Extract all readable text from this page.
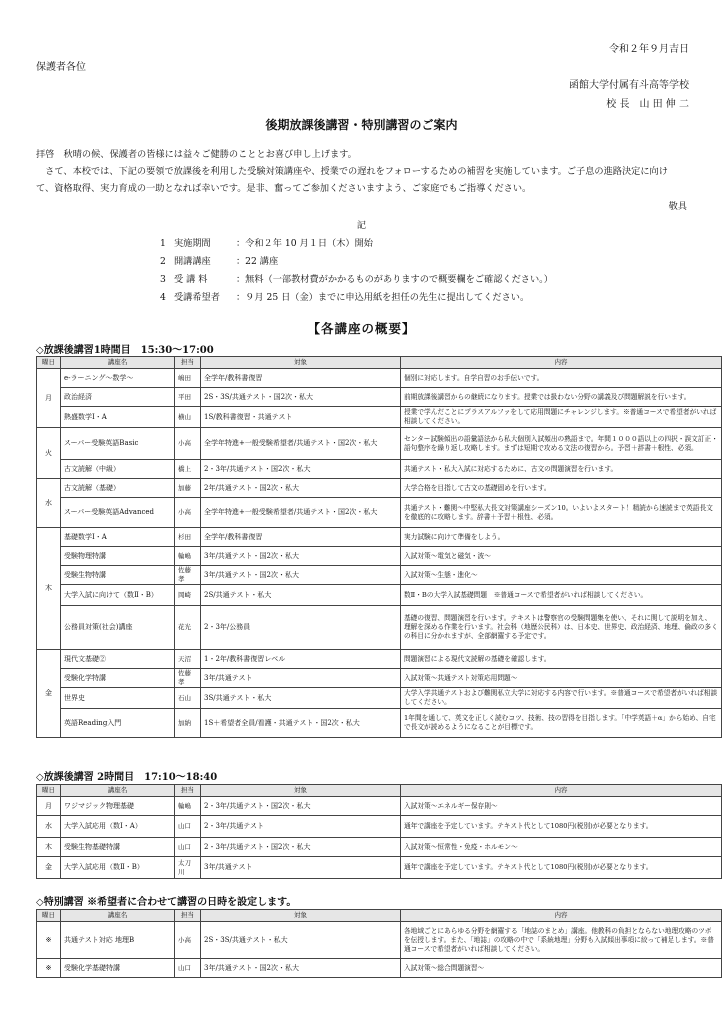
令和２年９月吉日
保護者各位
函館大学付属有斗高等学校
校 長　 山 田 伸 二
後期放課後講習・特別講習のご案内

拝啓　秋晴の候、保護者の皆様には益々ご健勝のこととお喜び申し上げます。

　さて、本校では、下記の要領で放課後を利用した受験対策講座や、授業での遅れをフォローするための補習を実施しています。ご子息の進路決定に向けて、資格取得、実力育成の一助となれば幸いです。是非、奮ってご参加くださいますよう、ご家庭でもご指導ください。

敬具
記
1 実施期間	：令和２年 10 月１日（木）開始
2 開講講座	：22 講座
3 受 講 料	：無料（一部教材費がかかるものがありますので概要欄をご確認ください。）
4 受講希望者	：９月 25 日（金）までに申込用紙を担任の先生に提出してください。
【各講座の概要】
◇放課後講習1時間目　15:30～17:00
曜日	講座名	担当	対象	内容
月	e-ラーニング～数学～	嶋田	全学年/教科書復習	個別に対応します。自学自習のお手伝いです。
	政治経済	平田	2S・3S/共通テスト・国2次・私大	前期放課後講習からの継続になります。授業では扱わない分野の講義及び問題解説を行います。
	熱盛数学Ⅰ・A	横山	1S/教科書復習・共通テスト	授業で学んだことにプラスアルファをして応用問題にチャレンジします。※普通コースで希望者がいれば相談してください。
火	スーパー受験英語Basic	小高	全学年特進+一般受験希望者/共通テスト・国2次・私大	センター試験傾出の語彙語法から私大個別入試頻出の熟語まで。年間１０００語以上の四択・誤文訂正・語句整序を繰り返し攻略します。まずは短期で攻める文法の復習から。予習＋辞書＋根性、必須。
	古文読解（中級）	橋上	2・3年/共通テスト・国2次・私大	共通テスト・私大入試に対応するために、古文の問題演習を行います。
水	古文読解（基礎）	加藤	2年/共通テスト・国2次・私大	大学合格を目指して古文の基礎固めを行います。
	スーパー受験英語Advanced	小高	全学年特進+一般受験希望者/共通テスト・国2次・私大	共通テスト・難関～中堅私大長文対策講座シーズン10。いよいよスタート！精読から速読まで英語長文を徹底的に攻略します。辞書＋予習＋根性、必須。
木	基礎数学Ⅰ・A	杉田	全学年/教科書復習	実力試験に向けて準備をしよう。
	受験物理特講	輪嶋	3年/共通テスト・国2次・私大	入試対策～電気と磁気・波～
	受験生物特講	佐藤孝	3年/共通テスト・国2次・私大	入試対策～生態・進化～
	大学入試に向けて（数Ⅱ・B）	岡崎	2S/共通テスト・私大	数Ⅱ・Bの大学入試基礎問題　※普通コースで希望者がいれば相談してください。
	公務員対策(社会)講座	花光	2・3年/公務員	基礎の復習、問題演習を行います。テキストは警察官の受験問題集を使い、それに関して説明を加え、理解を深める作業を行います。社会科（地歴公民科）は、日本史、世界史、政治経済、地理、倫政の多くの科目に分かれますが、全部網羅する予定です。
金	現代文基礎②	天沼	1・2年/教科書復習レベル	問題演習による現代文読解の基礎を確認します。
	受験化学特講	佐藤孝	3年/共通テスト	入試対策～共通テスト対策応用問題～
	世界史	石山	3S/共通テスト・私大	大学入学共通テストおよび難関私立大学に対応する内容で行います。※普通コースで希望者がいれば相談してください。
	英語Reading入門	加納	1S＋希望者全員/看護・共通テスト・国2次・私大	1年間を通して、英文を正しく読むコツ、技術、技の習得を目指します。「中学英語＋α」から始め、自宅で長文が読めるようになることが目標です。
◇放課後講習 2時間目　17:10～18:40
曜日	講座名	担当	対象	内容
月	ワジマジック物理基礎	輪嶋	2・3年/共通テスト・国2次・私大	入試対策～エネルギー保存則～
水	大学入試応用（数Ⅰ・A）	山口	2・3年/共通テスト	通年で講座を予定しています。テキスト代として1080円(税別)が必要となります。
木	受験生物基礎特講	山口	2・3年/共通テスト・国2次・私大	入試対策～恒常性・免疫・ホルモン～
金	大学入試応用（数Ⅱ・B）	太刀川	3年/共通テスト	通年で講座を予定しています。テキスト代として1080円(税別)が必要となります。
◇特別講習 ※希望者に合わせて講習の日時を設定します。
曜日	講座名	担当	対象	内容
※	共通テスト対応 地理B	小高	2S・3S/共通テスト・私大	各地域ごとにあらゆる分野を網羅する「地誌のまとめ」講座。他教科の負担とならない地理攻略のツボを伝授します。また、「地誌」の攻略の中で「系統地理」分野も入試傾出事項に絞って補足します。※普通コースで希望者がいれば相談してください。
※	受験化学基礎特講	山口	3年/共通テスト・国2次・私大	入試対策～総合問題演習～
